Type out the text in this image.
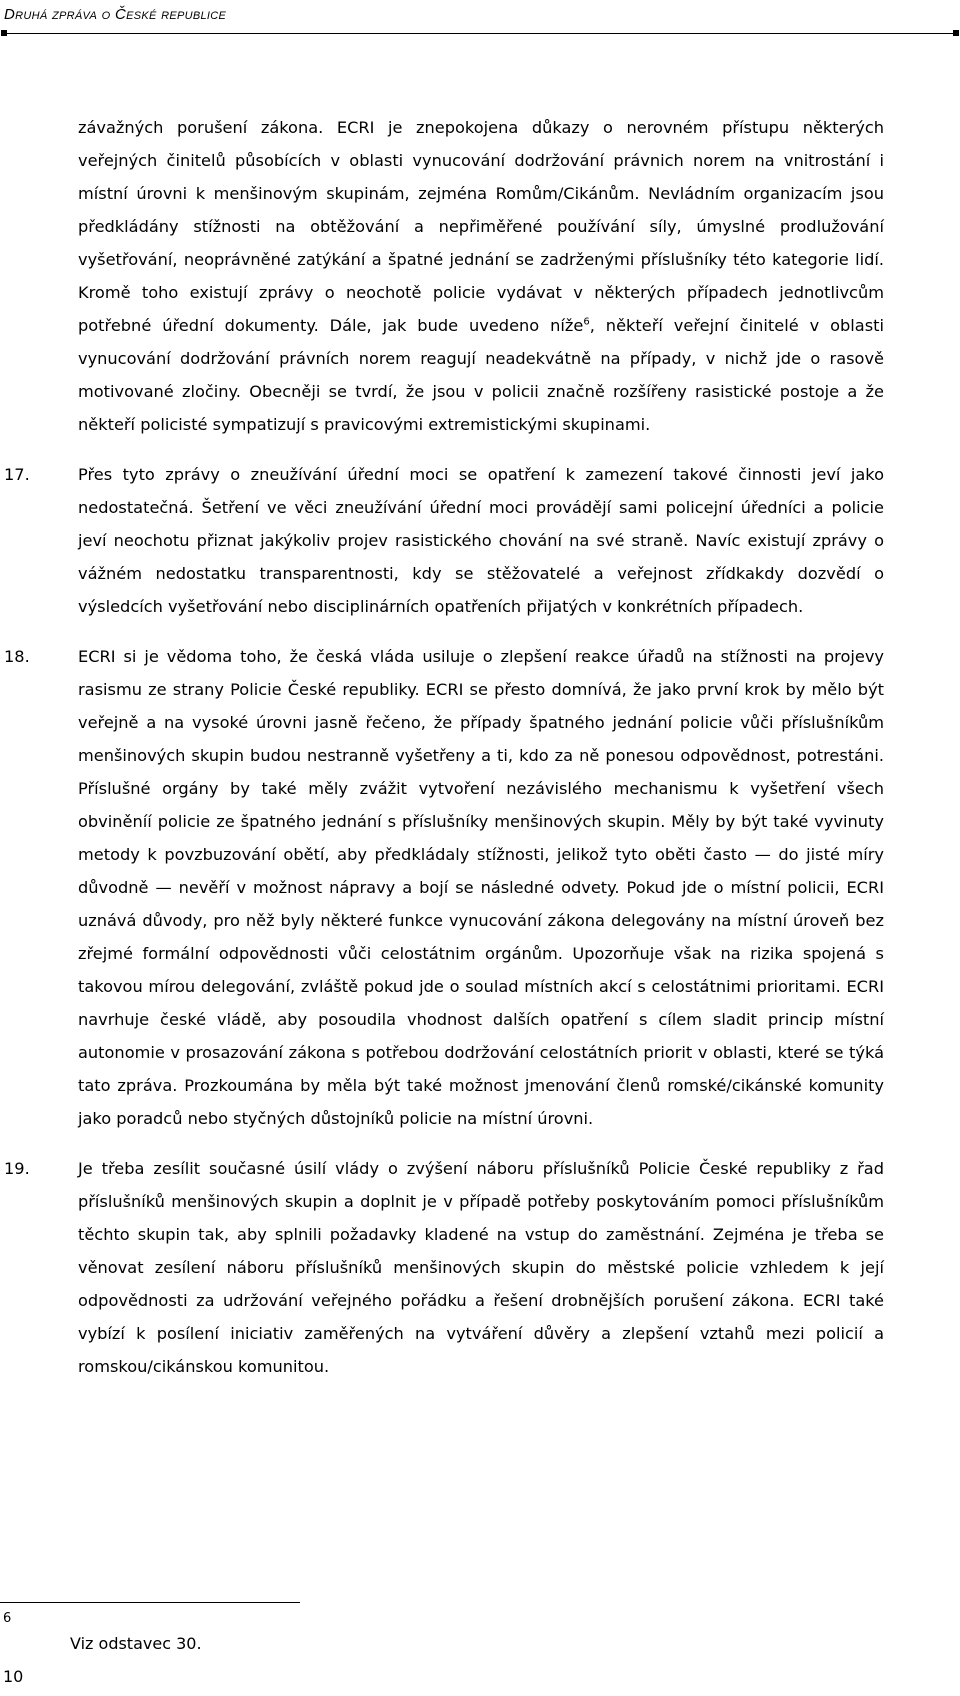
Druhá zpráva o České republice

závažných porušení zákona. ECRI je znepokojena důkazy o nerovném přístupu některých veřejných činitelů působících v oblasti vynucování dodržování právnich norem na vnitrostání i místní úrovni k menšinovým skupinám, zejména Romům/Cikánům. Nevládním organizacím jsou předkládány stížnosti na obtěžování a nepřiměřené používání síly, úmyslné prodlužování vyšetřování, neoprávněné zatýkání a špatné jednání se zadrženými příslušníky této kategorie lidí. Kromě toho existují zprávy o neochotě policie vydávat v některých případech jednotlivcům potřebné úřední dokumenty. Dále, jak bude uvedeno níže$^6$, někteří veřejní činitelé v oblasti vynucování dodržování právních norem reagují neadekvátně na případy, v nichž jde o rasově motivované zločiny. Obecněji se tvrdí, že jsou v policii značně rozšířeny rasistické postoje a že někteří policisté sympatizují s pravicovými extremistickými skupinami.

17.	Přes tyto zprávy o zneužívání úřední moci se opatření k zamezení takové činnosti jeví jako nedostatečná. Šetření ve věci zneužívání úřední moci provádějí sami policejní úředníci a policie jeví neochotu přiznat jakýkoliv projev rasistického chování na své straně. Navíc existují zprávy o vážném nedostatku transparentnosti, kdy se stěžovatelé a veřejnost zřídkakdy dozvědí o výsledcích vyšetřování nebo disciplinárních opatřeních přijatých v konkrétních případech.

18.	ECRI si je vědoma toho, že česká vláda usiluje o zlepšení reakce úřadů na stížnosti na projevy rasismu ze strany Policie České republiky. ECRI se přesto domnívá, že jako první krok by mělo být veřejně a na vysoké úrovni jasně řečeno, že případy špatného jednání policie vůči příslušníkům menšinových skupin budou nestranně vyšetřeny a ti, kdo za ně ponesou odpovědnost, potrestáni. Příslušné orgány by také měly zvážit vytvoření nezávislého mechanismu k vyšetření všech obviněníí policie ze špatného jednání s příslušníky menšinových skupin. Měly by být také vyvinuty metody k povzbuzování obětí, aby předkládaly stížnosti, jelikož tyto oběti často — do jisté míry důvodně — nevěří v možnost nápravy a bojí se následné odvety. Pokud jde o místní policii, ECRI uznává důvody, pro něž byly některé funkce vynucování zákona delegovány na místní úroveň bez zřejmé formální odpovědnosti vůči celostátnim orgánům. Upozorňuje však na rizika spojená s takovou mírou delegování, zvláště pokud jde o soulad místních akcí s celostátnimi prioritami. ECRI navrhuje české vládě, aby posoudila vhodnost dalších opatření s cílem sladit princip místní autonomie v prosazování zákona s potřebou dodržování celostátních priorit v oblasti, které se týká tato zpráva. Prozkoumána by měla být také možnost jmenování členů romské/cikánské komunity jako poradců nebo styčných důstojníků policie na místní úrovni.

19.	Je třeba zesílit současné úsilí vlády o zvýšení náboru příslušníků Policie České republiky z řad příslušníků menšinových skupin a doplnit je v případě potřeby poskytováním pomoci příslušníkům těchto skupin tak, aby splnili požadavky kladené na vstup do zaměstnání. Zejména je třeba se věnovat zesílení náboru příslušníků menšinových skupin do městské policie vzhledem k její odpovědnosti za udržování veřejného pořádku a řešení drobnějších porušení zákona. ECRI také vybízí k posílení iniciativ zaměřených na vytváření důvěry a zlepšení vztahů mezi policií a romskou/cikánskou komunitou.

6
Viz odstavec 30.
10
